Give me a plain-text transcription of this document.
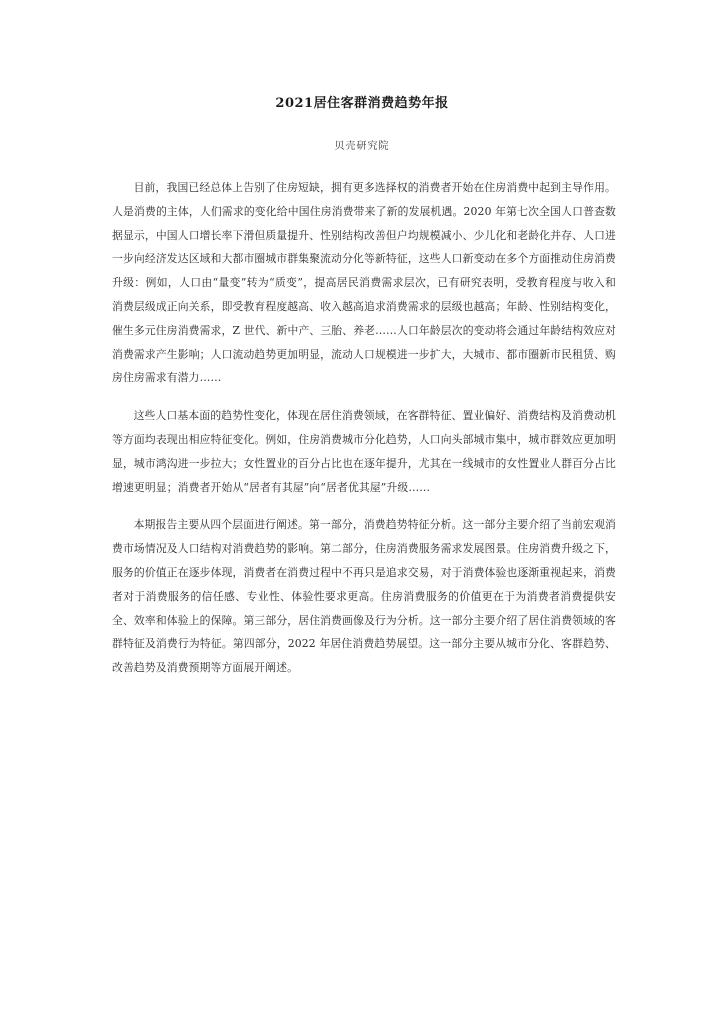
2021居住客群消费趋势年报
贝壳研究院

目前，我国已经总体上告别了住房短缺，拥有更多选择权的消费者开始在住房消费中起到主导作用。人是消费的主体，人们需求的变化给中国住房消费带来了新的发展机遇。2020 年第七次全国人口普查数据显示，中国人口增长率下滑但质量提升、性别结构改善但户均规模减小、少儿化和老龄化并存、人口进一步向经济发达区域和大都市圈城市群集聚流动分化等新特征，这些人口新变动在多个方面推动住房消费升级：例如，人口由“量变”转为“质变”，提高居民消费需求层次，已有研究表明，受教育程度与收入和消费层级成正向关系，即受教育程度越高、收入越高追求消费需求的层级也越高；年龄、性别结构变化，催生多元住房消费需求，Z 世代、新中产、三胎、养老……人口年龄层次的变动将会通过年龄结构效应对消费需求产生影响；人口流动趋势更加明显，流动人口规模进一步扩大，大城市、都市圈新市民租赁、购房住房需求有潜力……

这些人口基本面的趋势性变化，体现在居住消费领域，在客群特征、置业偏好、消费结构及消费动机等方面均表现出相应特征变化。例如，住房消费城市分化趋势，人口向头部城市集中，城市群效应更加明显，城市鸿沟进一步拉大；女性置业的百分占比也在逐年提升，尤其在一线城市的女性置业人群百分占比增速更明显；消费者开始从“居者有其屋”向“居者优其屋”升级……

本期报告主要从四个层面进行阐述。第一部分，消费趋势特征分析。这一部分主要介绍了当前宏观消费市场情况及人口结构对消费趋势的影响。第二部分，住房消费服务需求发展图景。住房消费升级之下，服务的价值正在逐步体现，消费者在消费过程中不再只是追求交易，对于消费体验也逐渐重视起来，消费者对于消费服务的信任感、专业性、体验性要求更高。住房消费服务的价值更在于为消费者消费提供安全、效率和体验上的保障。第三部分，居住消费画像及行为分析。这一部分主要介绍了居住消费领域的客群特征及消费行为特征。第四部分，2022 年居住消费趋势展望。这一部分主要从城市分化、客群趋势、改善趋势及消费预期等方面展开阐述。
